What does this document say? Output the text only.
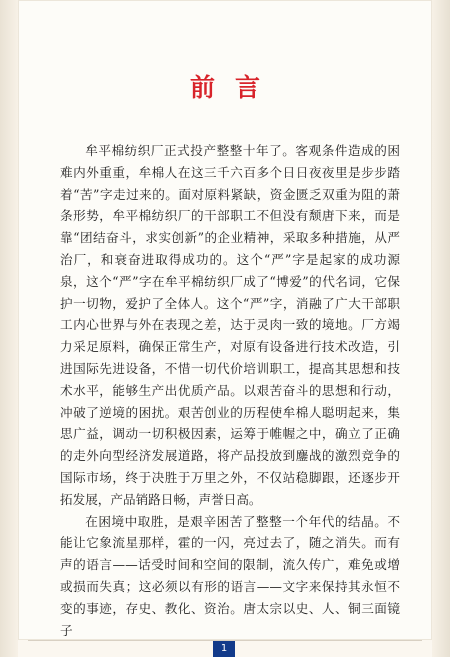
前言

牟平棉纺织厂正式投产整整十年了。客观条件造成的困难内外重重，牟棉人在这三千六百多个日日夜夜里是步步踏着“苦”字走过来的。面对原料紧缺，资金匮乏双重为阻的萧条形势，牟平棉纺织厂的干部职工不但没有颓唐下来，而是靠“团结奋斗，求实创新”的企业精神，采取多种措施，从严治厂，和衰奋进取得成功的。这个“严”字是起家的成功源泉，这个“严”字在牟平棉纺织厂成了“博爱”的代名词，它保护一切物，爱护了全体人。这个“严”字，消融了广大干部职工内心世界与外在表现之差，达于灵肉一致的境地。厂方竭力采足原料，确保正常生产，对原有设备进行技术改造，引进国际先进设备，不惜一切代价培训职工，提高其思想和技术水平，能够生产出优质产品。以艰苦奋斗的思想和行动，冲破了逆境的困扰。艰苦创业的历程使牟棉人聪明起来，集思广益，调动一切积极因素，运筹于帷幄之中，确立了正确的走外向型经济发展道路，将产品投放到鏖战的激烈竞争的国际市场，终于决胜于万里之外，不仅站稳脚跟，还逐步开拓发展，产品销路日畅，声誉日高。

在困境中取胜，是艰辛困苦了整整一个年代的结晶。不能让它象流星那样，霍的一闪，亮过去了，随之消失。而有声的语言——话受时间和空间的限制，流久传广，难免或增或损而失真；这必须以有形的语言——文字来保持其永恒不变的事迹，存史、教化、资治。唐太宗以史、人、铜三面镜子

1
